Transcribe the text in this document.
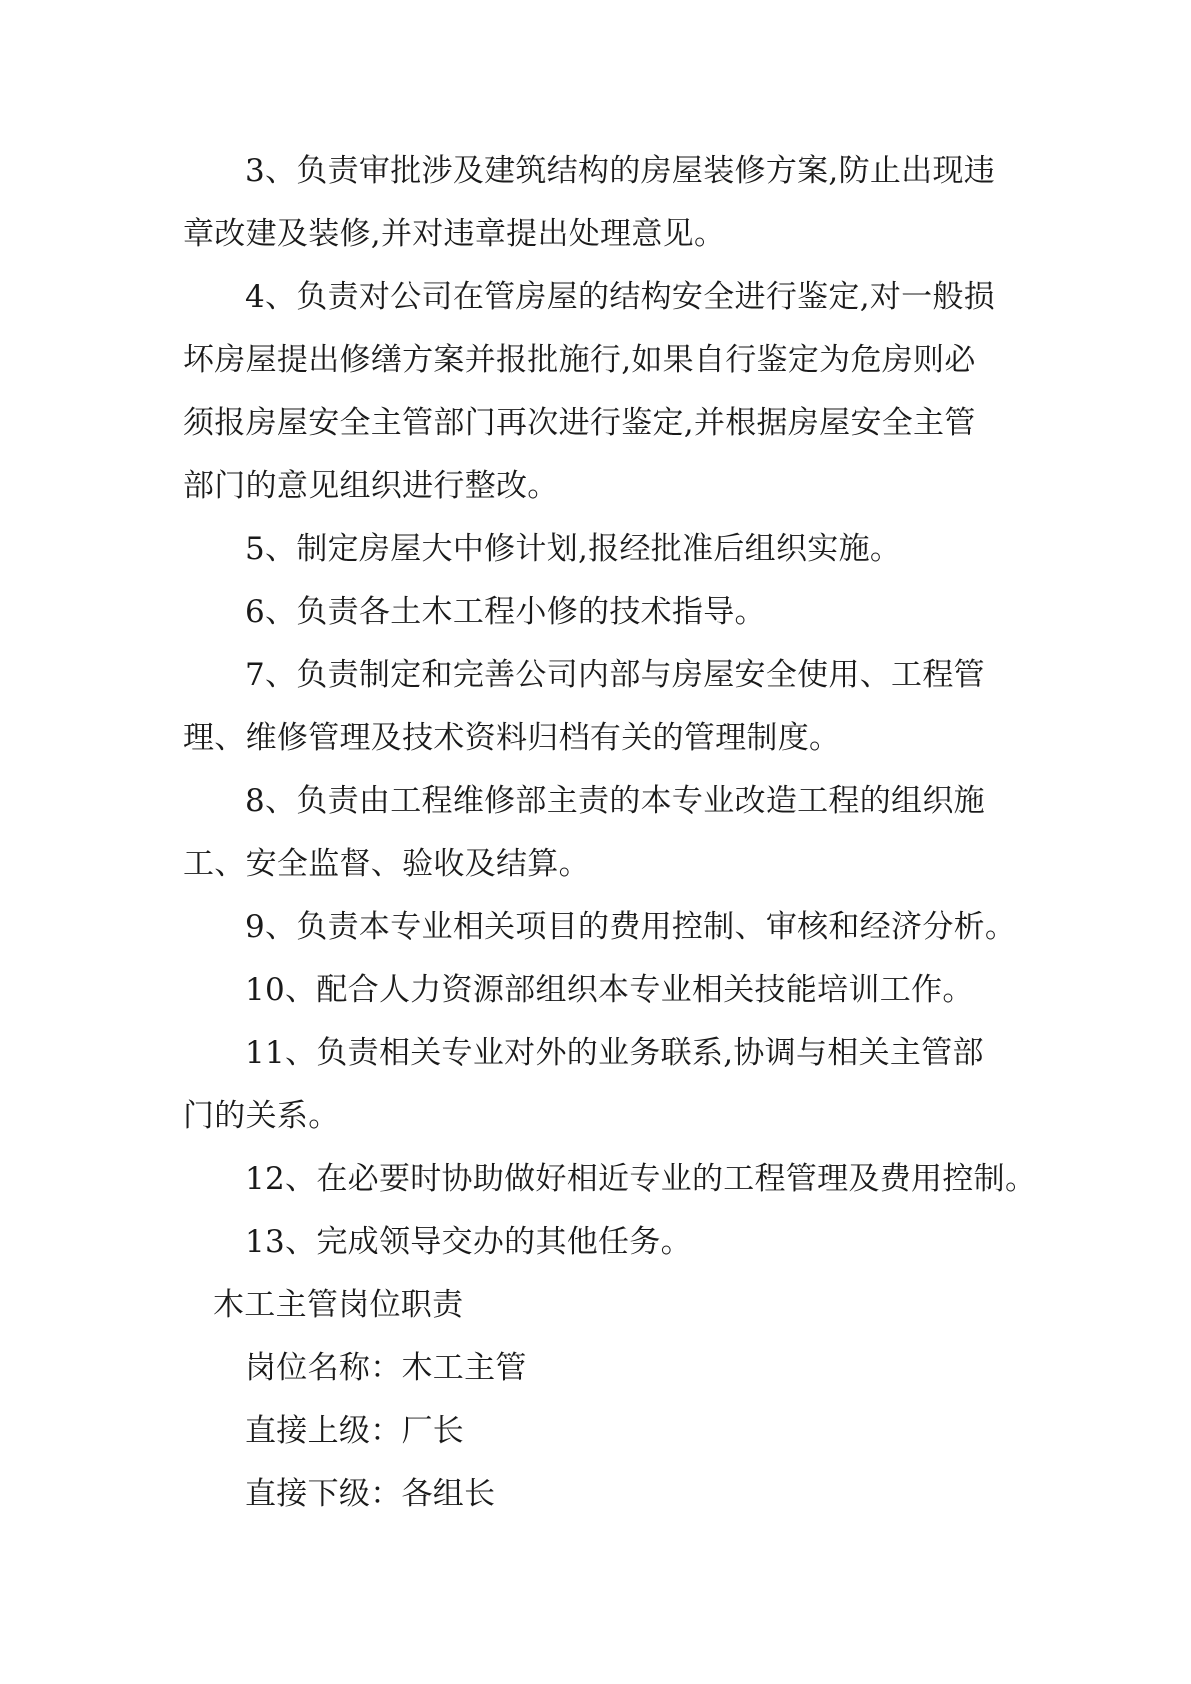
3、负责审批涉及建筑结构的房屋装修方案,防止出现违
章改建及装修,并对违章提出处理意见。

4、负责对公司在管房屋的结构安全进行鉴定,对一般损
坏房屋提出修缮方案并报批施行,如果自行鉴定为危房则必
须报房屋安全主管部门再次进行鉴定,并根据房屋安全主管
部门的意见组织进行整改。

5、制定房屋大中修计划,报经批准后组织实施。

6、负责各土木工程小修的技术指导。

7、负责制定和完善公司内部与房屋安全使用、工程管
理、维修管理及技术资料归档有关的管理制度。

8、负责由工程维修部主责的本专业改造工程的组织施
工、安全监督、验收及结算。

9、负责本专业相关项目的费用控制、审核和经济分析。

10、配合人力资源部组织本专业相关技能培训工作。

11、负责相关专业对外的业务联系,协调与相关主管部
门的关系。

12、在必要时协助做好相近专业的工程管理及费用控制。

13、完成领导交办的其他任务。

木工主管岗位职责

岗位名称：木工主管

直接上级：厂长

直接下级：各组长
